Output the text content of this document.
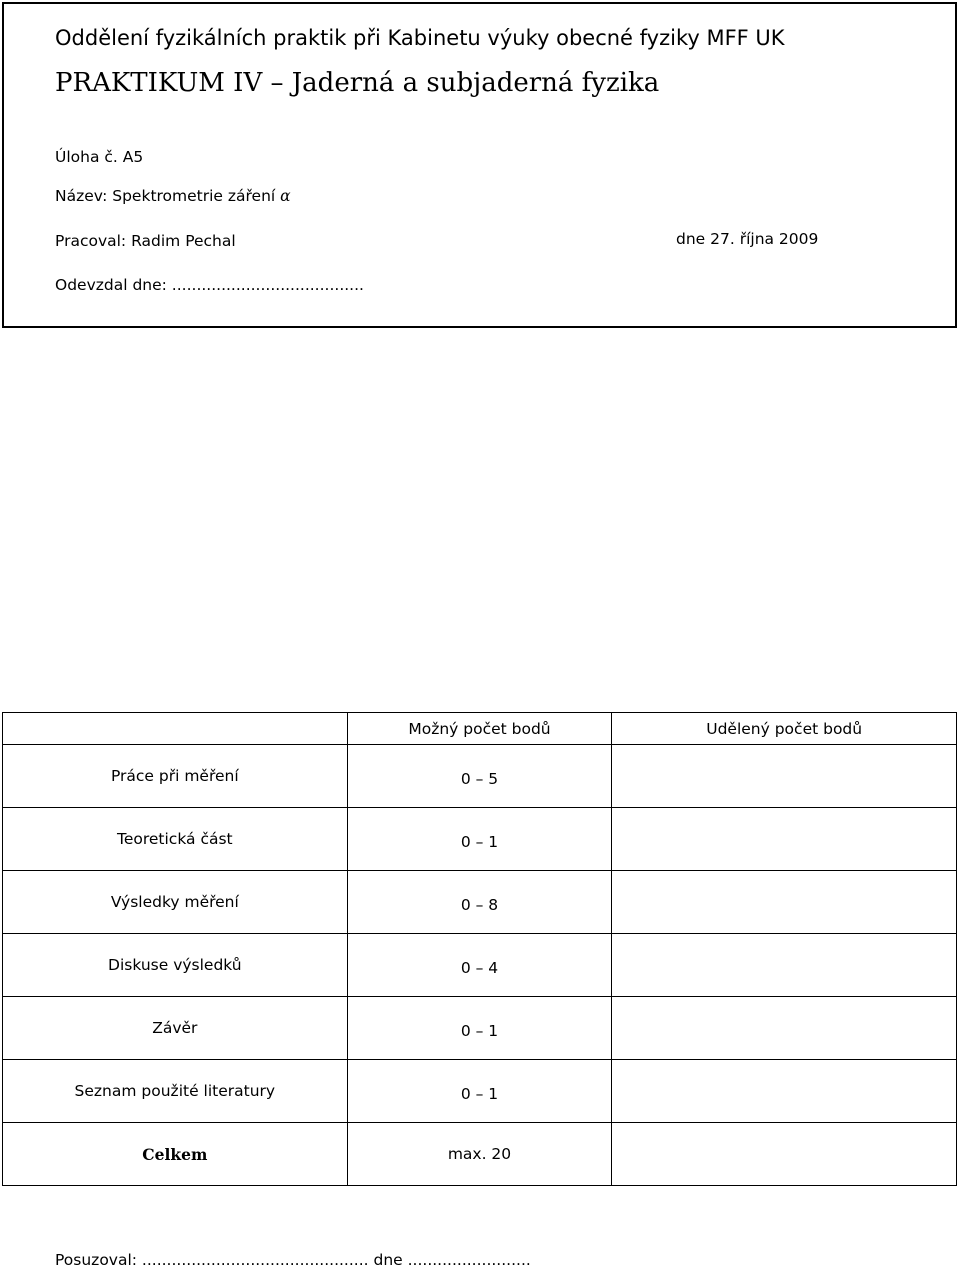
Oddělení fyzikálních praktik při Kabinetu výuky obecné fyziky MFF UK
PRAKTIKUM IV – Jaderná a subjaderná fyzika
Úloha č. A5
Název: Spektrometrie záření α
Pracoval: Radim Pechal	dne 27. října 2009
Odevzdal dne: .......................................
	Možný počet bodů	Udělený počet bodů
Práce při měření	0 – 5	
Teoretická část	0 – 1	
Výsledky měření	0 – 8	
Diskuse výsledků	0 – 4	
Závěr	0 – 1	
Seznam použité literatury	0 – 1	
Celkem	max. 20	
Posuzoval: .............................................. dne .........................
